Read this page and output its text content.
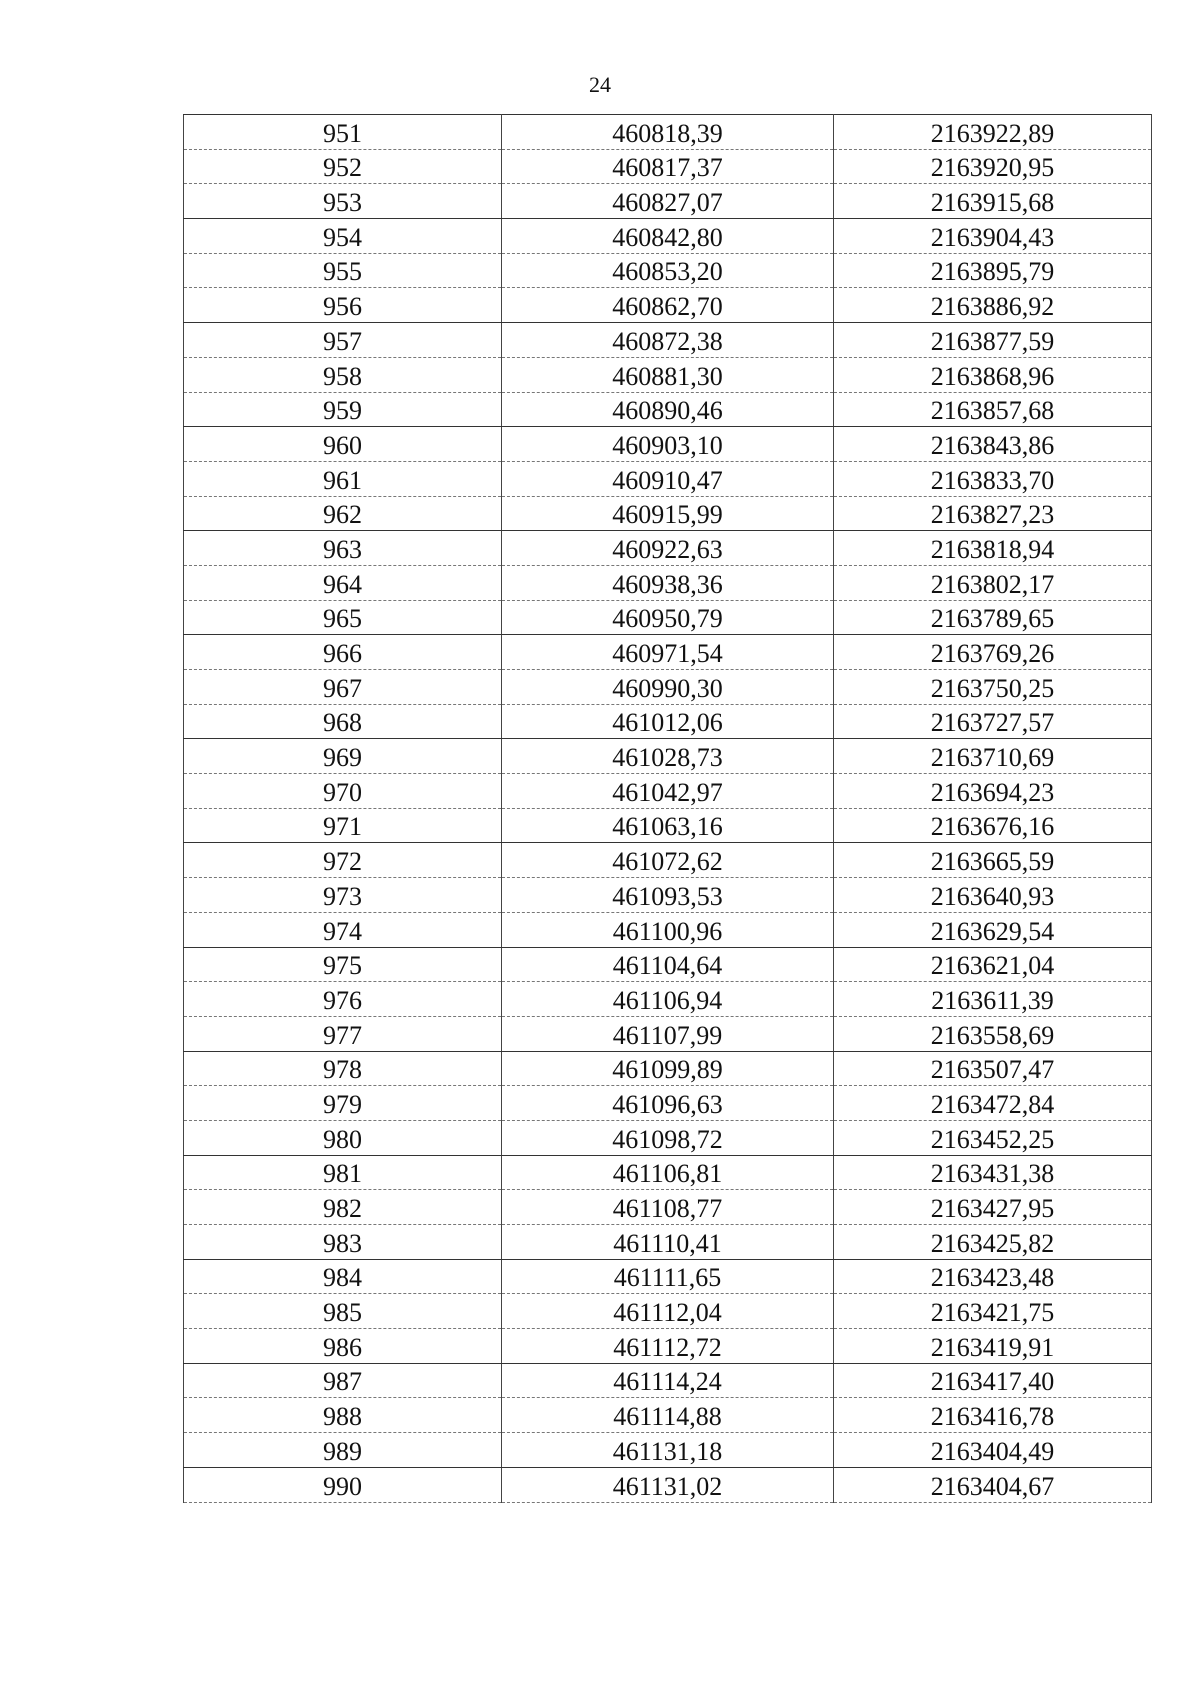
24
951	460818,39	2163922,89
952	460817,37	2163920,95
953	460827,07	2163915,68
954	460842,80	2163904,43
955	460853,20	2163895,79
956	460862,70	2163886,92
957	460872,38	2163877,59
958	460881,30	2163868,96
959	460890,46	2163857,68
960	460903,10	2163843,86
961	460910,47	2163833,70
962	460915,99	2163827,23
963	460922,63	2163818,94
964	460938,36	2163802,17
965	460950,79	2163789,65
966	460971,54	2163769,26
967	460990,30	2163750,25
968	461012,06	2163727,57
969	461028,73	2163710,69
970	461042,97	2163694,23
971	461063,16	2163676,16
972	461072,62	2163665,59
973	461093,53	2163640,93
974	461100,96	2163629,54
975	461104,64	2163621,04
976	461106,94	2163611,39
977	461107,99	2163558,69
978	461099,89	2163507,47
979	461096,63	2163472,84
980	461098,72	2163452,25
981	461106,81	2163431,38
982	461108,77	2163427,95
983	461110,41	2163425,82
984	461111,65	2163423,48
985	461112,04	2163421,75
986	461112,72	2163419,91
987	461114,24	2163417,40
988	461114,88	2163416,78
989	461131,18	2163404,49
990	461131,02	2163404,67
